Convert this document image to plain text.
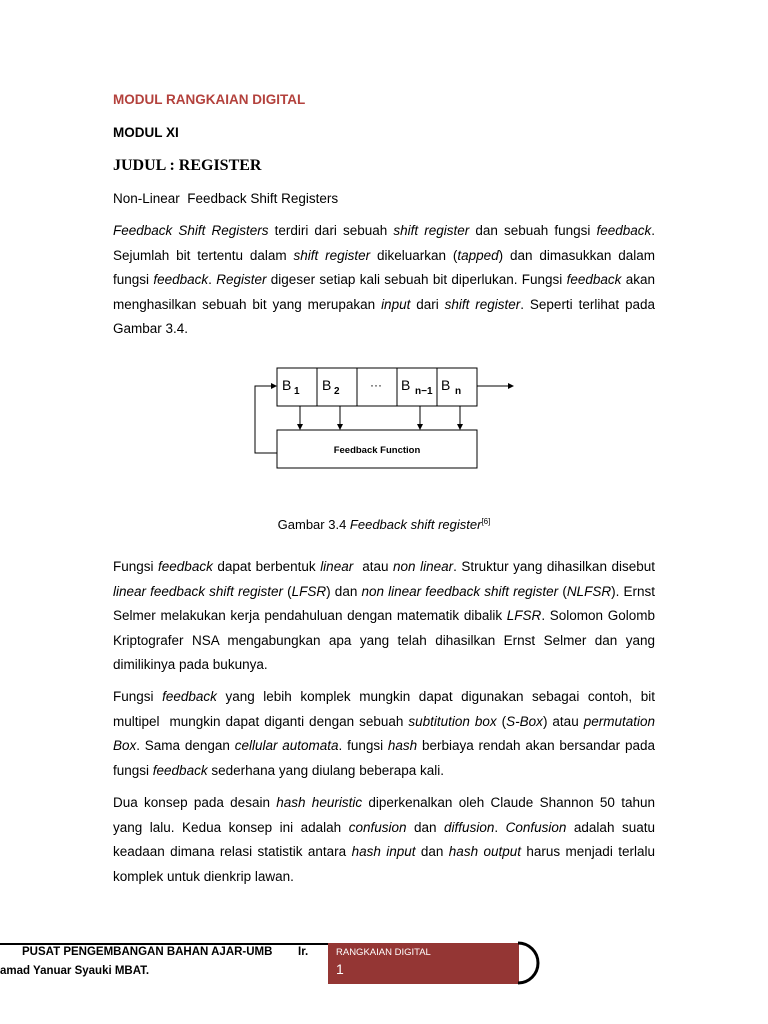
MODUL RANGKAIAN DIGITAL
MODUL XI
JUDUL : REGISTER
Non-Linear  Feedback Shift Registers

Feedback Shift Registers terdiri dari sebuah shift register dan sebuah fungsi feedback. Sejumlah bit tertentu dalam shift register dikeluarkan (tapped) dan dimasukkan dalam fungsi feedback. Register digeser setiap kali sebuah bit diperlukan. Fungsi feedback akan menghasilkan sebuah bit yang merupakan input dari shift register. Seperti terlihat pada Gambar 3.4.

B 1 B 2	··· B n−1 B n
Feedback Function
Gambar 3.4 Feedback shift register[6]

Fungsi feedback dapat berbentuk linear  atau non linear. Struktur yang dihasilkan disebut linear feedback shift register (LFSR) dan non linear feedback shift register (NLFSR). Ernst Selmer melakukan kerja pendahuluan dengan matematik dibalik LFSR. Solomon Golomb Kriptografer NSA mengabungkan apa yang telah dihasilkan Ernst Selmer dan yang dimilikinya pada bukunya.

Fungsi feedback yang lebih komplek mungkin dapat digunakan sebagai contoh, bit multipel  mungkin dapat diganti dengan sebuah subtitution box (S-Box) atau permutation Box. Sama dengan cellular automata. fungsi hash berbiaya rendah akan bersandar pada fungsi feedback sederhana yang diulang beberapa kali.

Dua konsep pada desain hash heuristic diperkenalkan oleh Claude Shannon 50 tahun yang lalu. Kedua konsep ini adalah confusion dan diffusion. Confusion adalah suatu keadaan dimana relasi statistik antara hash input dan hash output harus menjadi terlalu komplek untuk dienkrip lawan.

PUSAT PENGEMBANGAN BAHAN AJAR-UMB        Ir.
amad Yanuar Syauki MBAT.
RANGKAIAN DIGITAL
1
